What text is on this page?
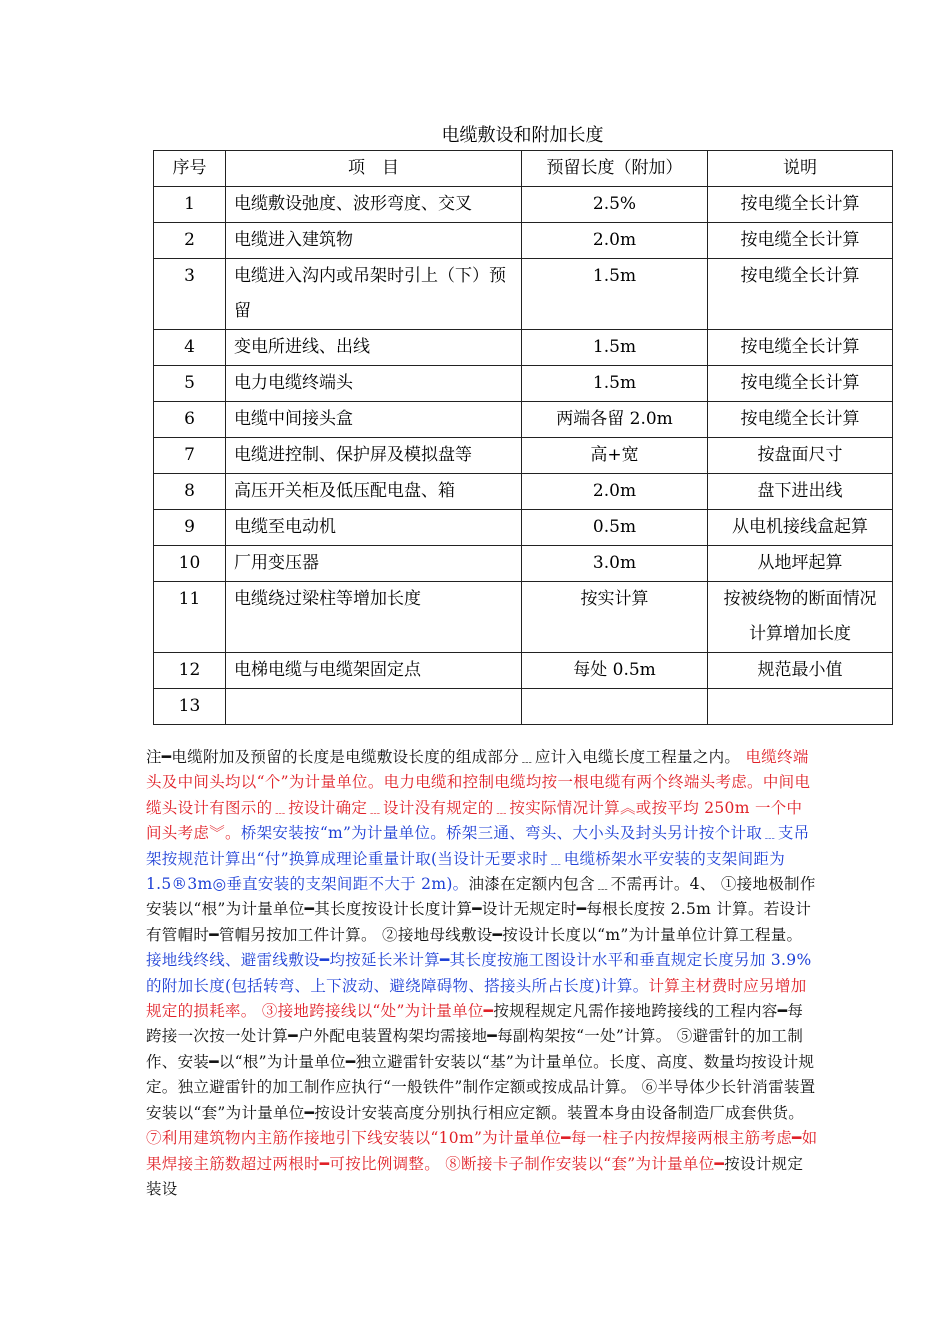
电缆敷设和附加长度
序号	项　目	预留长度（附加）	说明
1	电缆敷设弛度、波形弯度、交叉	2.5%	按电缆全长计算
2	电缆进入建筑物	2.0m	按电缆全长计算
3	电缆进入沟内或吊架时引上（下）预留	1.5m	按电缆全长计算
4	变电所进线、出线	1.5m	按电缆全长计算
5	电力电缆终端头	1.5m	按电缆全长计算
6	电缆中间接头盒	两端各留 2.0m	按电缆全长计算
7	电缆进控制、保护屏及模拟盘等	高+宽	按盘面尺寸
8	高压开关柜及低压配电盘、箱	2.0m	盘下进出线
9	电缆至电动机	0.5m	从电机接线盒起算
10	厂用变压器	3.0m	从地坪起算
11	电缆绕过梁柱等增加长度	按实计算	按被绕物的断面情况计算增加长度
12	电梯电缆与电缆架固定点	每处 0.5m	规范最小值
13			
注━电缆附加及预留的长度是电缆敷设长度的组成部分﹍应计入电缆长度工程量之内。 电缆终端头及中间头均以“个”为计量单位。电力电缆和控制电缆均按一根电缆有两个终端头考虑。中间电缆头设计有图示的﹍按设计确定﹍设计没有规定的﹍按实际情况计算︽或按平均 250m 一个中间头考虑︾。桥架安装按“m”为计量单位。桥架三通、弯头、大小头及封头另计按个计取﹍支吊架按规范计算出“付”换算成理论重量计取(当设计无要求时﹍电缆桥架水平安装的支架间距为 1.5®3m◎垂直安装的支架间距不大于 2m)。油漆在定额内包含﹍不需再计。4、 ①接地极制作安装以“根”为计量单位━其长度按设计长度计算━设计无规定时━每根长度按 2.5m 计算。若设计有管帽时━管帽另按加工件计算。 ②接地母线敷设━按设计长度以“m”为计量单位计算工程量。接地线终线、避雷线敷设━均按延长米计算━其长度按施工图设计水平和垂直规定长度另加 3.9%的附加长度(包括转弯、上下波动、避绕障碍物、搭接头所占长度)计算。计算主材费时应另增加规定的损耗率。 ③接地跨接线以“处”为计量单位━按规程规定凡需作接地跨接线的工程内容━每跨接一次按一处计算━户外配电装置构架均需接地━每副构架按“一处”计算。 ⑤避雷针的加工制作、安装━以“根”为计量单位━独立避雷针安装以“基”为计量单位。长度、高度、数量均按设计规定。独立避雷针的加工制作应执行“一般铁件”制作定额或按成品计算。 ⑥半导体少长针消雷装置安装以“套”为计量单位━按设计安装高度分别执行相应定额。装置本身由设备制造厂成套供货。 ⑦利用建筑物内主筋作接地引下线安装以“10m”为计量单位━每一柱子内按焊接两根主筋考虑━如果焊接主筋数超过两根时━可按比例调整。 ⑧断接卡子制作安装以“套”为计量单位━按设计规定装设
